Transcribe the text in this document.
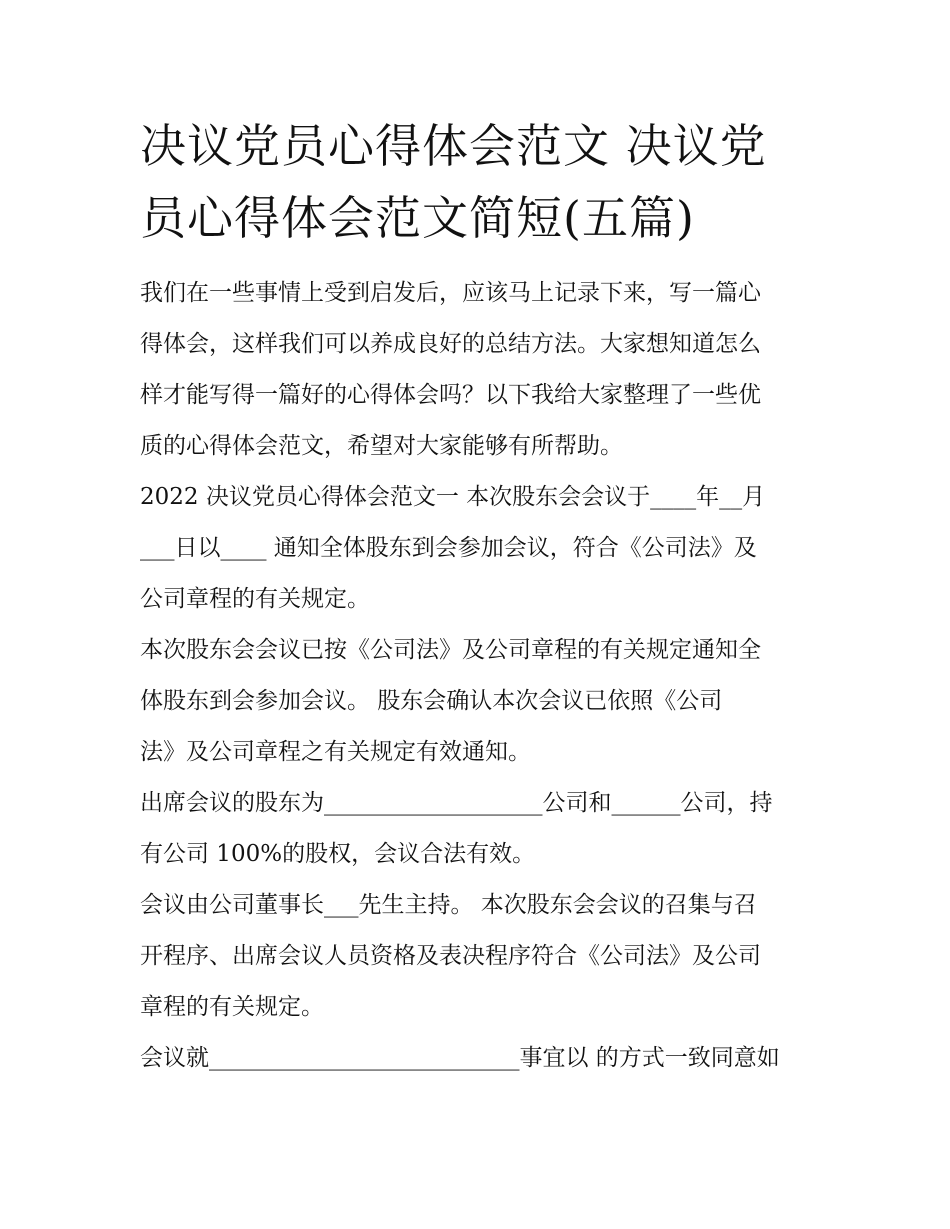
决议党员心得体会范文 决议党
员心得体会范文简短(五篇)

我们在一些事情上受到启发后，应该马上记录下来，写一篇心
得体会，这样我们可以养成良好的总结方法。大家想知道怎么
样才能写得一篇好的心得体会吗？以下我给大家整理了一些优
质的心得体会范文，希望对大家能够有所帮助。

2022 决议党员心得体会范文一 本次股东会会议于____年__月
___日以____ 通知全体股东到会参加会议，符合《公司法》及
公司章程的有关规定。

本次股东会会议已按《公司法》及公司章程的有关规定通知全
体股东到会参加会议。 股东会确认本次会议已依照《公司
法》及公司章程之有关规定有效通知。

出席会议的股东为___________________公司和______公司，持
有公司 100%的股权，会议合法有效。

会议由公司董事长___先生主持。 本次股东会会议的召集与召
开程序、出席会议人员资格及表决程序符合《公司法》及公司
章程的有关规定。

会议就___________________________事宜以 的方式一致同意如
